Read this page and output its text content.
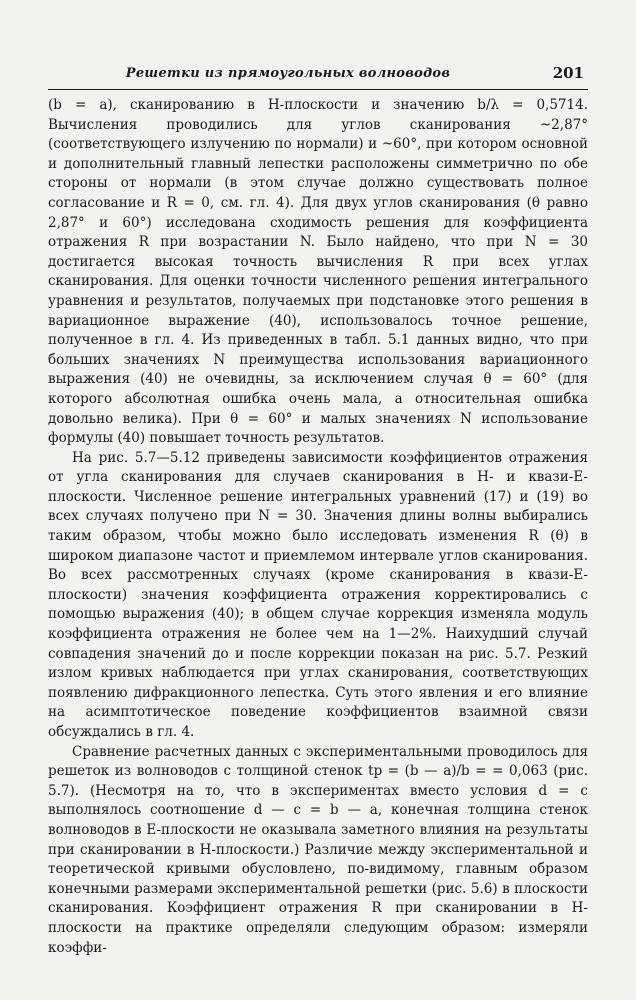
Решетки из прямоугольных волноводов	201

(b = a), сканированию в H-плоскости и значению b/λ = 0,5714. Вычисления проводились для углов сканирования ~2,87° (соответствующего излучению по нормали) и ~60°, при котором основной и дополнительный главный лепестки расположены симметрично по обе стороны от нормали (в этом случае должно существовать полное согласование и R = 0, см. гл. 4). Для двух углов сканирования (θ равно 2,87° и 60°) исследована сходимость решения для коэффициента отражения R при возрастании N. Было найдено, что при N = 30 достигается высокая точность вычисления R при всех углах сканирования. Для оценки точности численного решения интегрального уравнения и результатов, получаемых при подстановке этого решения в вариационное выражение (40), использовалось точное решение, полученное в гл. 4. Из приведенных в табл. 5.1 данных видно, что при больших значениях N преимущества использования вариационного выражения (40) не очевидны, за исключением случая θ = 60° (для которого абсолютная ошибка очень мала, а относительная ошибка довольно велика). При θ = 60° и малых значениях N использование формулы (40) повышает точность результатов.

На рис. 5.7—5.12 приведены зависимости коэффициентов отражения от угла сканирования для случаев сканирования в H- и квази-E-плоскости. Численное решение интегральных уравнений (17) и (19) во всех случаях получено при N = 30. Значения длины волны выбирались таким образом, чтобы можно было исследовать изменения R (θ) в широком диапазоне частот и приемлемом интервале углов сканирования. Во всех рассмотренных случаях (кроме сканирования в квази-E-плоскости) значения коэффициента отражения корректировались с помощью выражения (40); в общем случае коррекция изменяла модуль коэффициента отражения не более чем на 1—2%. Наихудший случай совпадения значений до и после коррекции показан на рис. 5.7. Резкий излом кривых наблюдается при углах сканирования, соответствующих появлению дифракционного лепестка. Суть этого явления и его влияние на асимптотическое поведение коэффициентов взаимной связи обсуждались в гл. 4.

Сравнение расчетных данных с экспериментальными проводилось для решеток из волноводов с толщиной стенок tp = (b — a)/b = = 0,063 (рис. 5.7). (Несмотря на то, что в экспериментах вместо условия d = c выполнялось соотношение d — c = b — a, конечная толщина стенок волноводов в E-плоскости не оказывала заметного влияния на результаты при сканировании в H-плоскости.) Различие между экспериментальной и теоретической кривыми обусловлено, по-видимому, главным образом конечными размерами экспериментальной решетки (рис. 5.6) в плоскости сканирования. Коэффициент отражения R при сканировании в H-плоскости на практике определяли следующим образом: измеряли коэффи-
